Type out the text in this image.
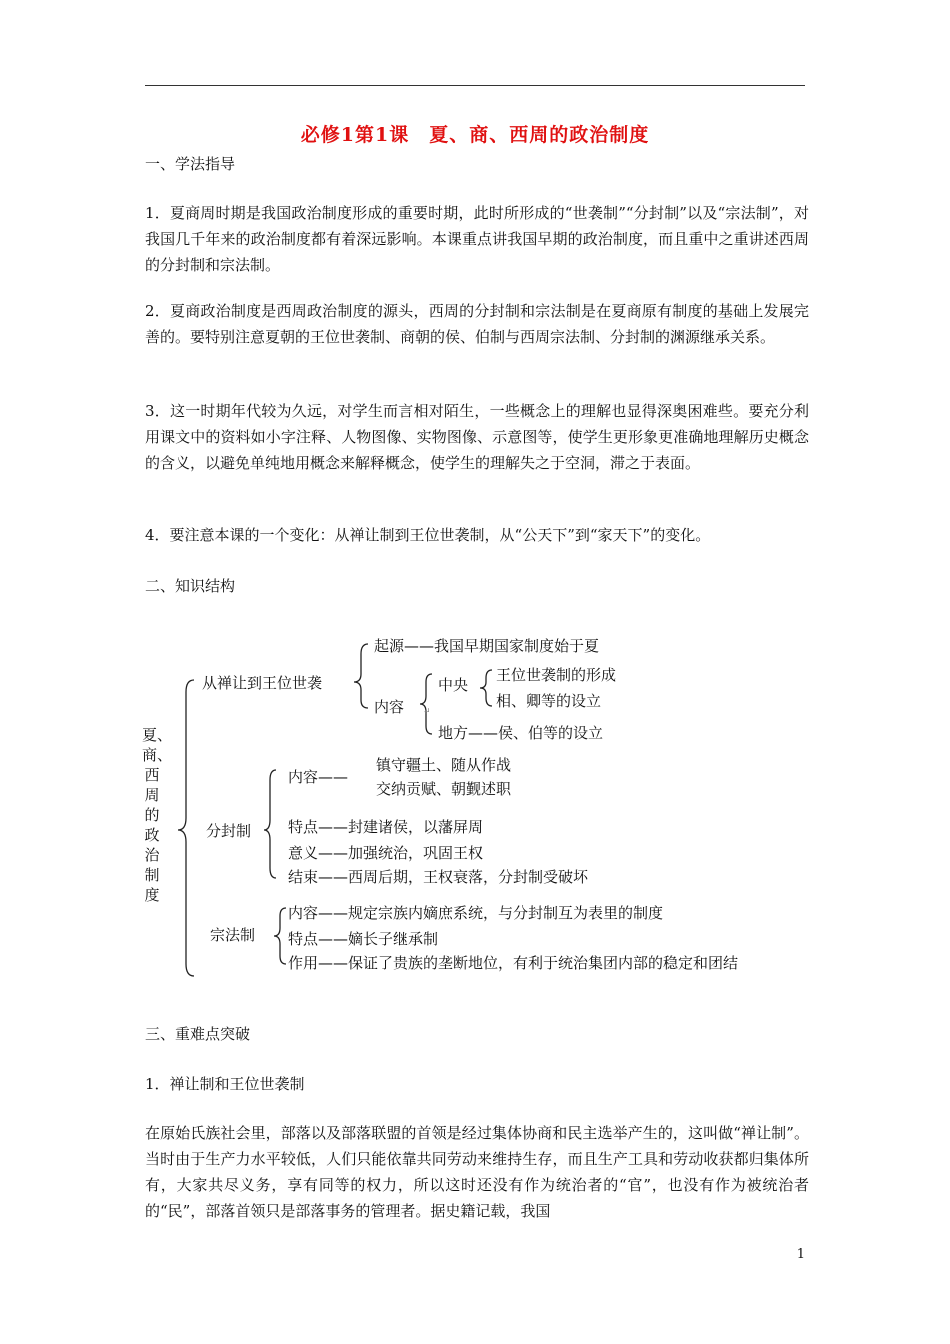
必修1第1课　夏、商、西周的政治制度
一、学法指导
1．夏商周时期是我国政治制度形成的重要时期，此时所形成的“世袭制”“分封制”以及“宗法制”，对我国几千年来的政治制度都有着深远影响。本课重点讲我国早期的政治制度，而且重中之重讲述西周的分封制和宗法制。
2．夏商政治制度是西周政治制度的源头，西周的分封制和宗法制是在夏商原有制度的基础上发展完善的。要特别注意夏朝的王位世袭制、商朝的侯、伯制与西周宗法制、分封制的渊源继承关系。
3．这一时期年代较为久远，对学生而言相对陌生，一些概念上的理解也显得深奥困难些。要充分利用课文中的资料如小字注释、人物图像、实物图像、示意图等，使学生更形象更准确地理解历史概念的含义，以避免单纯地用概念来解释概念，使学生的理解失之于空洞，滞之于表面。
4．要注意本课的一个变化：从禅让制到王位世袭制，从“公天下”到“家天下”的变化。
二、知识结构
↵
夏、商、西周的政治制度
从禅让到王位世袭
起源——我国早期国家制度始于夏
内容
中央
王位世袭制的形成
相、卿等的设立
地方——侯、伯等的设立
分封制
内容——
镇守疆土、随从作战
交纳贡赋、朝觐述职
特点——封建诸侯，以藩屏周
意义——加强统治，巩固王权
结束——西周后期，王权衰落，分封制受破坏
宗法制
内容——规定宗族内嫡庶系统，与分封制互为表里的制度
特点——嫡长子继承制
作用——保证了贵族的垄断地位，有利于统治集团内部的稳定和团结
三、重难点突破
1．禅让制和王位世袭制
在原始氏族社会里，部落以及部落联盟的首领是经过集体协商和民主选举产生的，这叫做“禅让制”。当时由于生产力水平较低，人们只能依靠共同劳动来维持生存，而且生产工具和劳动收获都归集体所有，大家共尽义务，享有同等的权力，所以这时还没有作为统治者的“官”，也没有作为被统治者的“民”，部落首领只是部落事务的管理者。据史籍记载，我国
1
